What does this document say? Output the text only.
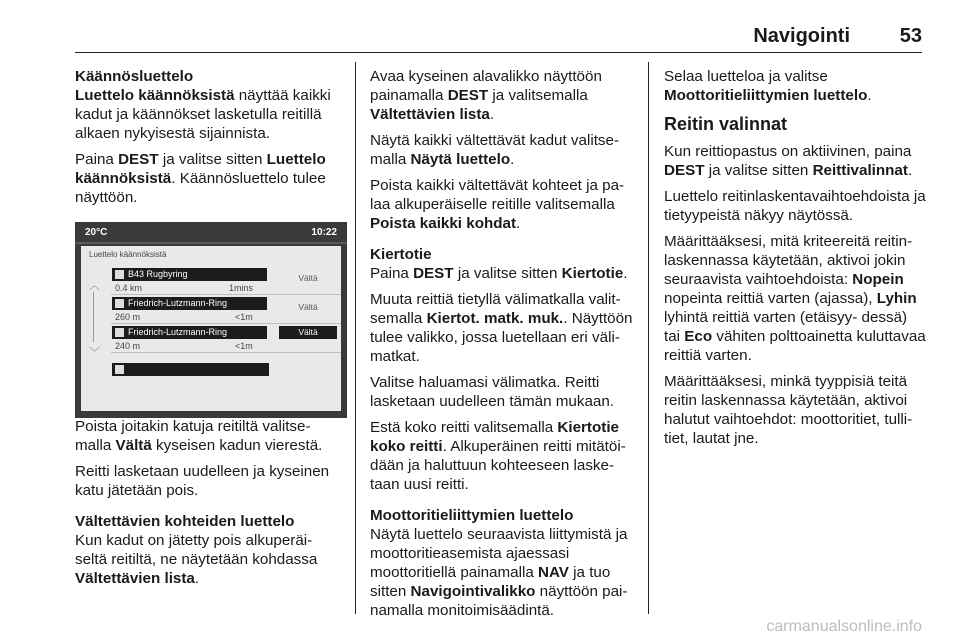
Navigointi 53

Käännösluettelo

Luettelo käännöksistä näyttää kaikki kadut ja käännökset lasketulla reitillä alkaen nykyisestä sijainnista.

Paina DEST ja valitse sitten Luettelo käännöksistä. Käännösluettelo tulee näyttöön.

Poista joitakin katuja reitiltä valitse- malla Vältä kyseisen kadun vierestä.

Reitti lasketaan uudelleen ja kyseinen katu jätetään pois.

Vältettävien kohteiden luettelo

Kun kadut on jätetty pois alkuperäi- seltä reitiltä, ne näytetään kohdassa Vältettävien lista.

20°C	10:22
Luettelo käännöksistä
︿
﹀
B43 Rugbyring
0.4 km	1mins
Vältä
Friedrich-Lutzmann-Ring
260 m	<1m
Vältä
Friedrich-Lutzmann-Ring
240 m	<1m
Vältä

Avaa kyseinen alavalikko näyttöön painamalla DEST ja valitsemalla Vältettävien lista.

Näytä kaikki vältettävät kadut valitse- malla Näytä luettelo.

Poista kaikki vältettävät kohteet ja pa- laa alkuperäiselle reitille valitsemalla Poista kaikki kohdat.

Kiertotie

Paina DEST ja valitse sitten Kiertotie.

Muuta reittiä tietyllä välimatkalla valit- semalla Kiertot. matk. muk.. Näyttöön tulee valikko, jossa luetellaan eri väli- matkat.

Valitse haluamasi välimatka. Reitti lasketaan uudelleen tämän mukaan.

Estä koko reitti valitsemalla Kiertotie koko reitti. Alkuperäinen reitti mitätöi- dään ja haluttuun kohteeseen laske- taan uusi reitti.

Moottoritieliittymien luettelo

Näytä luettelo seuraavista liittymistä ja moottoritieasemista ajaessasi moottoritiellä painamalla NAV ja tuo sitten Navigointivalikko näyttöön pai- namalla monitoimisäädintä.

Selaa luetteloa ja valitse Moottoritieliittymien luettelo.

Reitin valinnat

Kun reittiopastus on aktiivinen, paina DEST ja valitse sitten Reittivalinnat.

Luettelo reitinlaskentavaihtoehdoista ja tietyypeistä näkyy näytössä.

Määrittääksesi, mitä kriteereitä reitin- laskennassa käytetään, aktivoi jokin seuraavista vaihtoehdoista: Nopein nopeinta reittiä varten (ajassa), Lyhin lyhintä reittiä varten (etäisyy- dessä) tai Eco vähiten polttoainetta kuluttavaa reittiä varten.

Määrittääksesi, minkä tyyppisiä teitä reitin laskennassa käytetään, aktivoi halutut vaihtoehdot: moottoritiet, tulli- tiet, lautat jne.

carmanualsonline.info
